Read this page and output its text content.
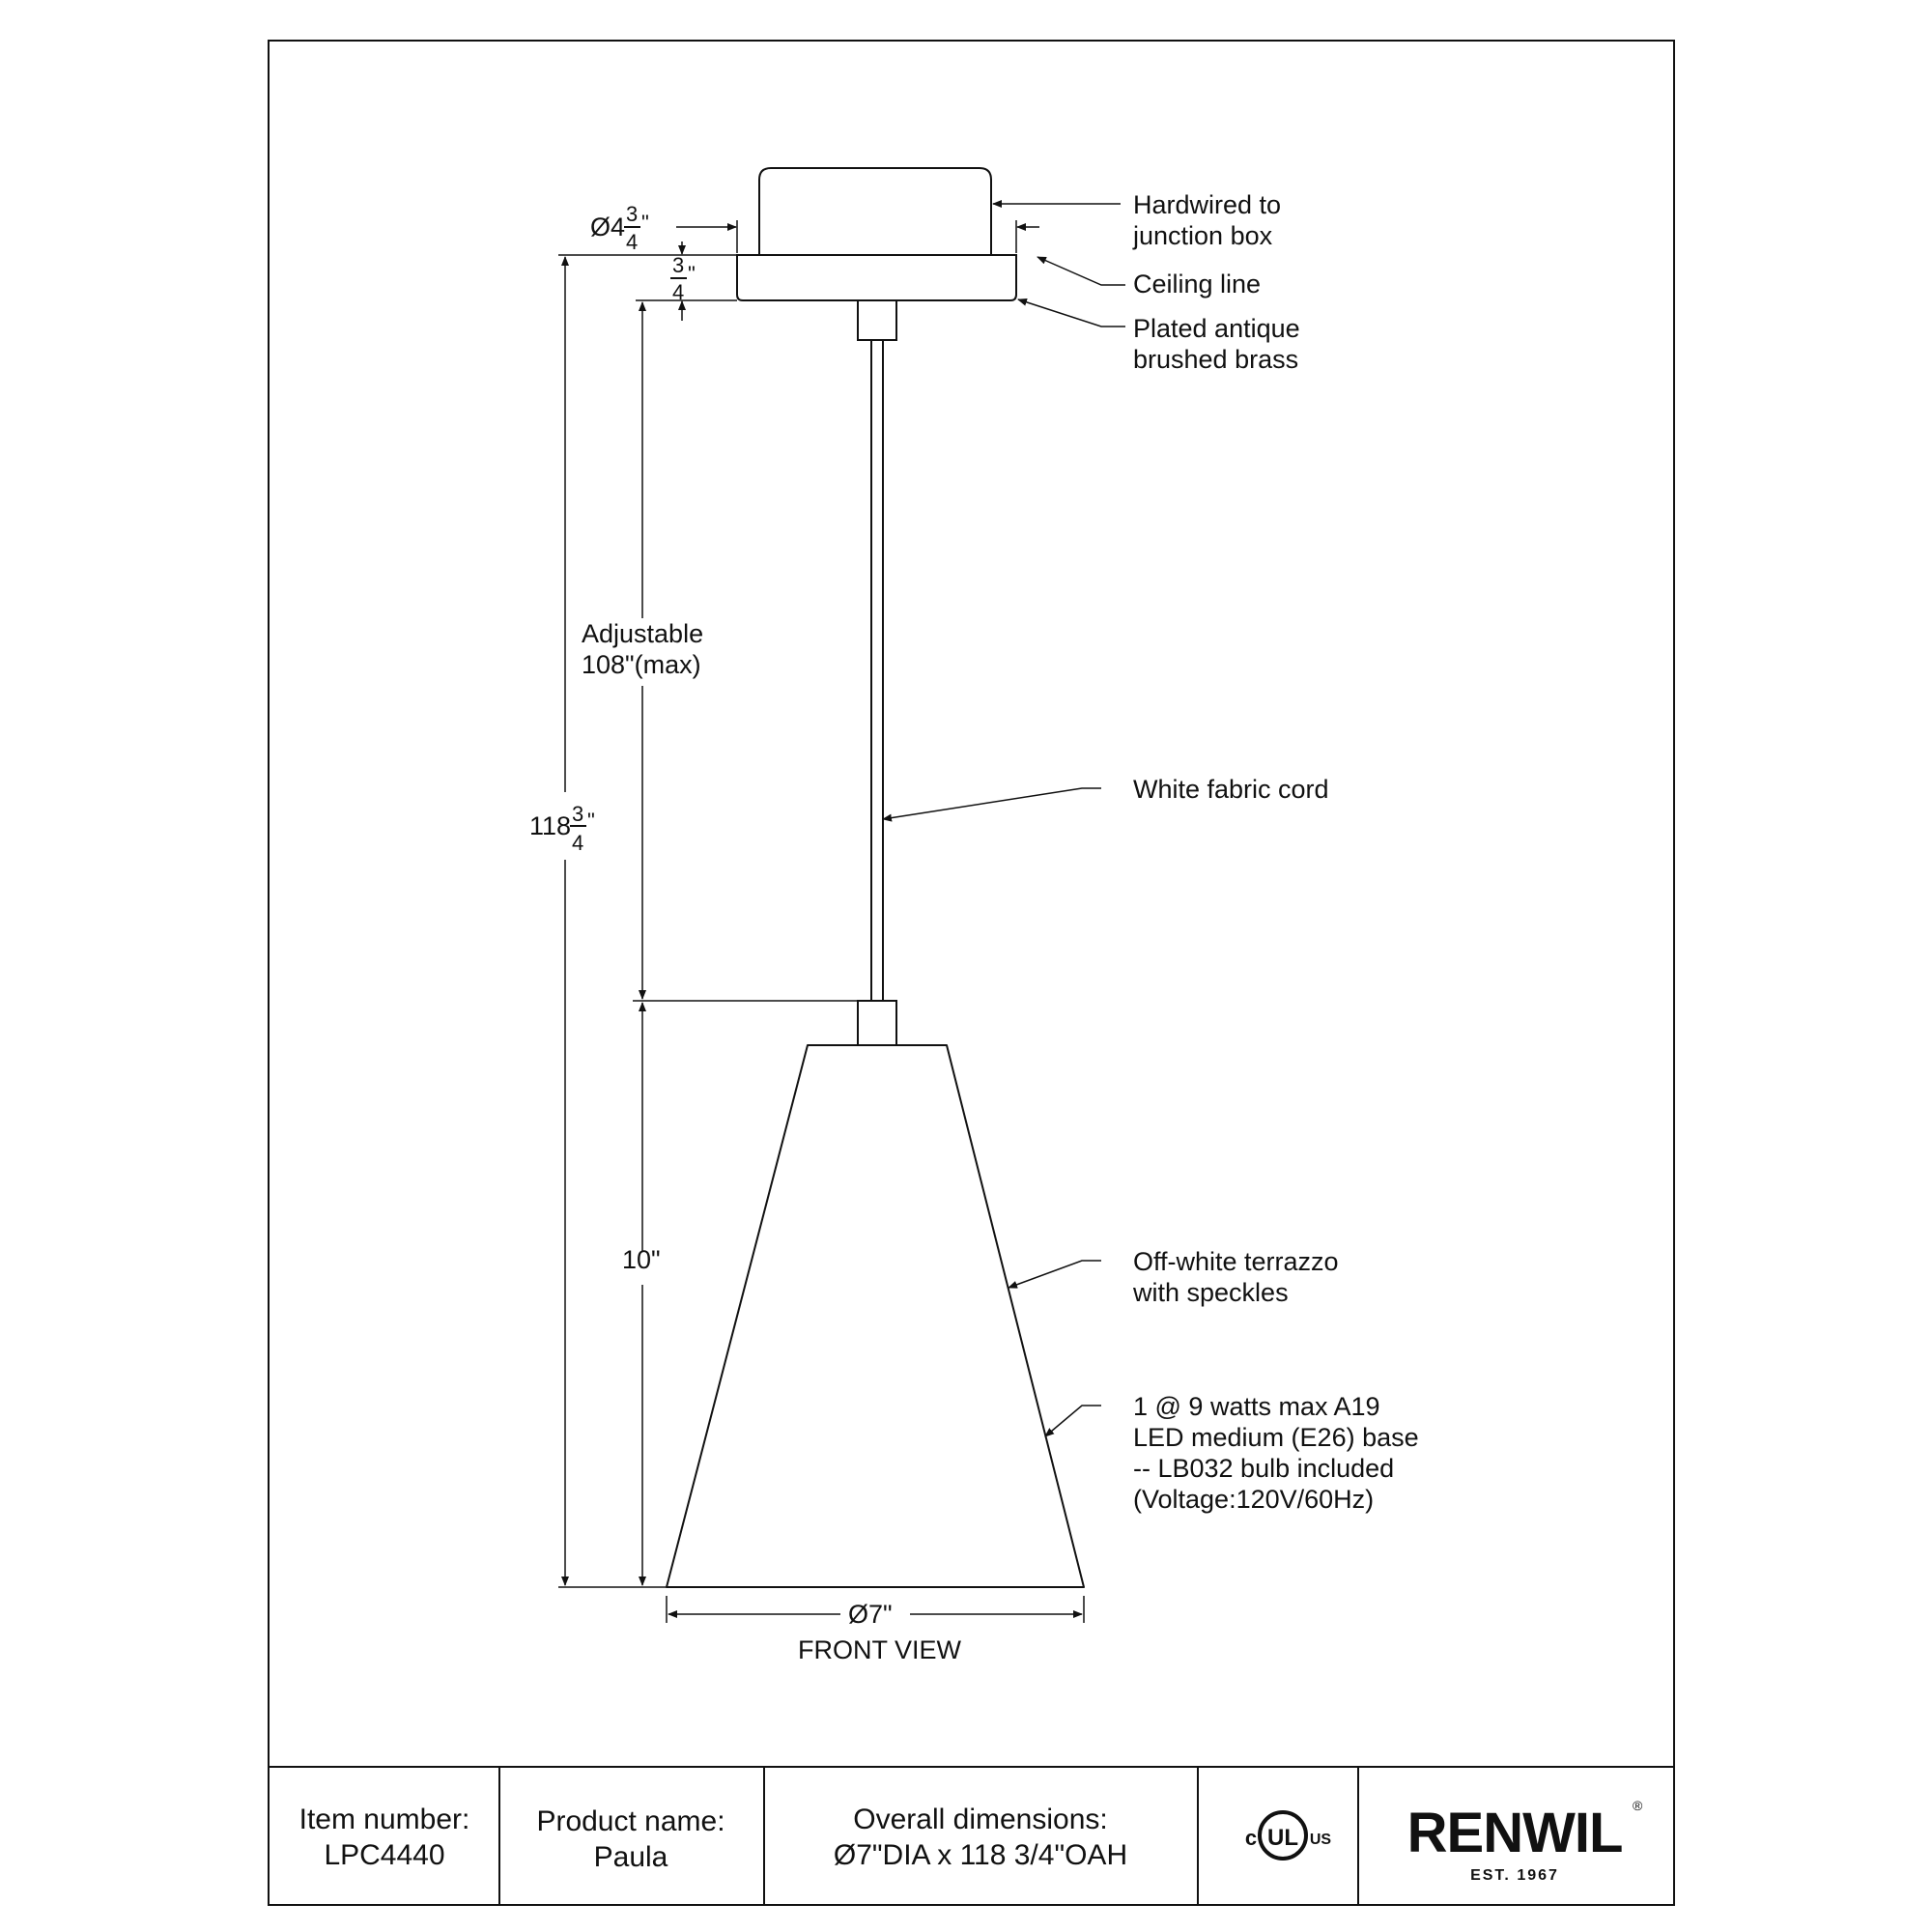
Ø4 3
4
"
3
4
"
Adjustable
108"(max)
118 3
4
"
10"
Ø7"
FRONT VIEW
Hardwired to
junction box
Ceiling line
Plated antique
brushed brass
White fabric cord
Off-white terrazzo
with speckles
1 @ 9 watts max A19
LED medium (E26) base
-- LB032 bulb included
(Voltage:120V/60Hz)
Item number:
LPC4440
Product name:
Paula
Overall dimensions:
Ø7"DIA x 118 3/4"OAH
c UL US RENWIL ®
EST. 1967
